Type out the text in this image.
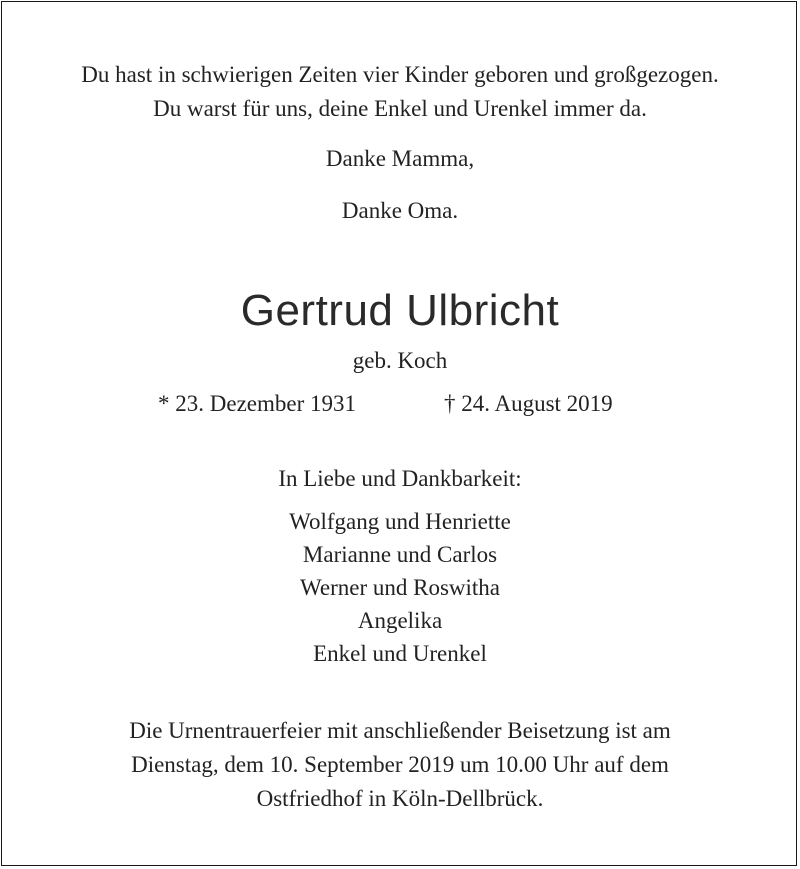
Du hast in schwierigen Zeiten vier Kinder geboren und großgezogen.
Du warst für uns, deine Enkel und Urenkel immer da.
Danke Mamma,
Danke Oma.
Gertrud Ulbricht
geb. Koch
* 23. Dezember 1931	† 24. August 2019
In Liebe und Dankbarkeit:
Wolfgang und Henriette
Marianne und Carlos
Werner und Roswitha
Angelika
Enkel und Urenkel
Die Urnentrauerfeier mit anschließender Beisetzung ist am
Dienstag, dem 10. September 2019 um 10.00 Uhr auf dem
Ostfriedhof in Köln-Dellbrück.
